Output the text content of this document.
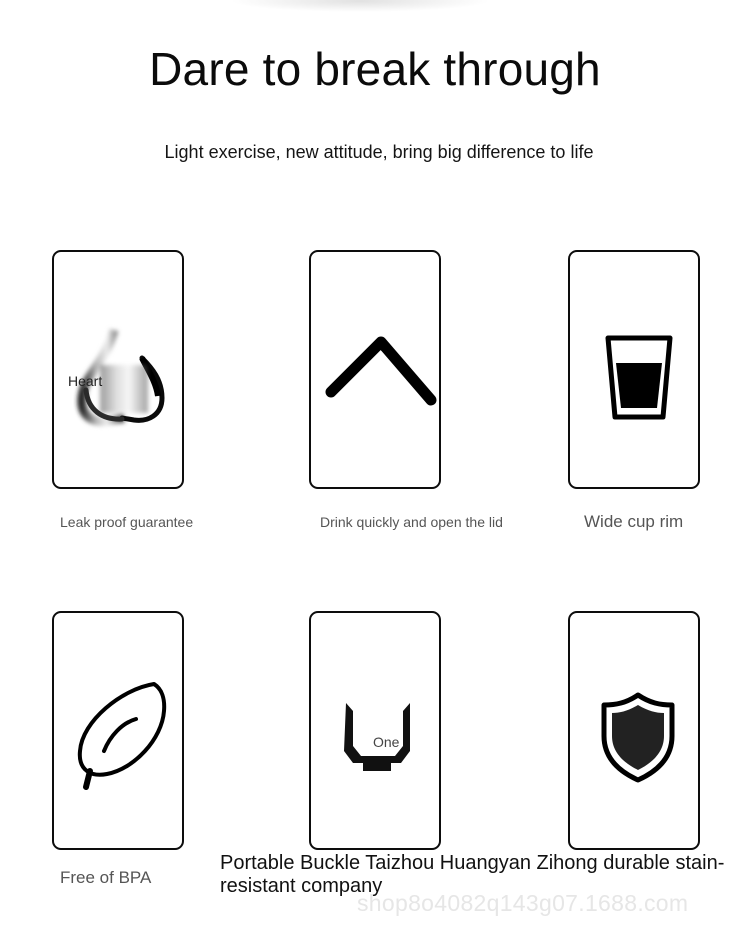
Dare to break through
Light exercise, new attitude, bring big difference to life
Heart
Leak proof guarantee	Drink quickly and open the lid	Wide cup rim
Free of BPA
One
Portable Buckle Taizhou Huangyan Zihong durable stain-resistant company
shop8o4082q143g07.1688.com
